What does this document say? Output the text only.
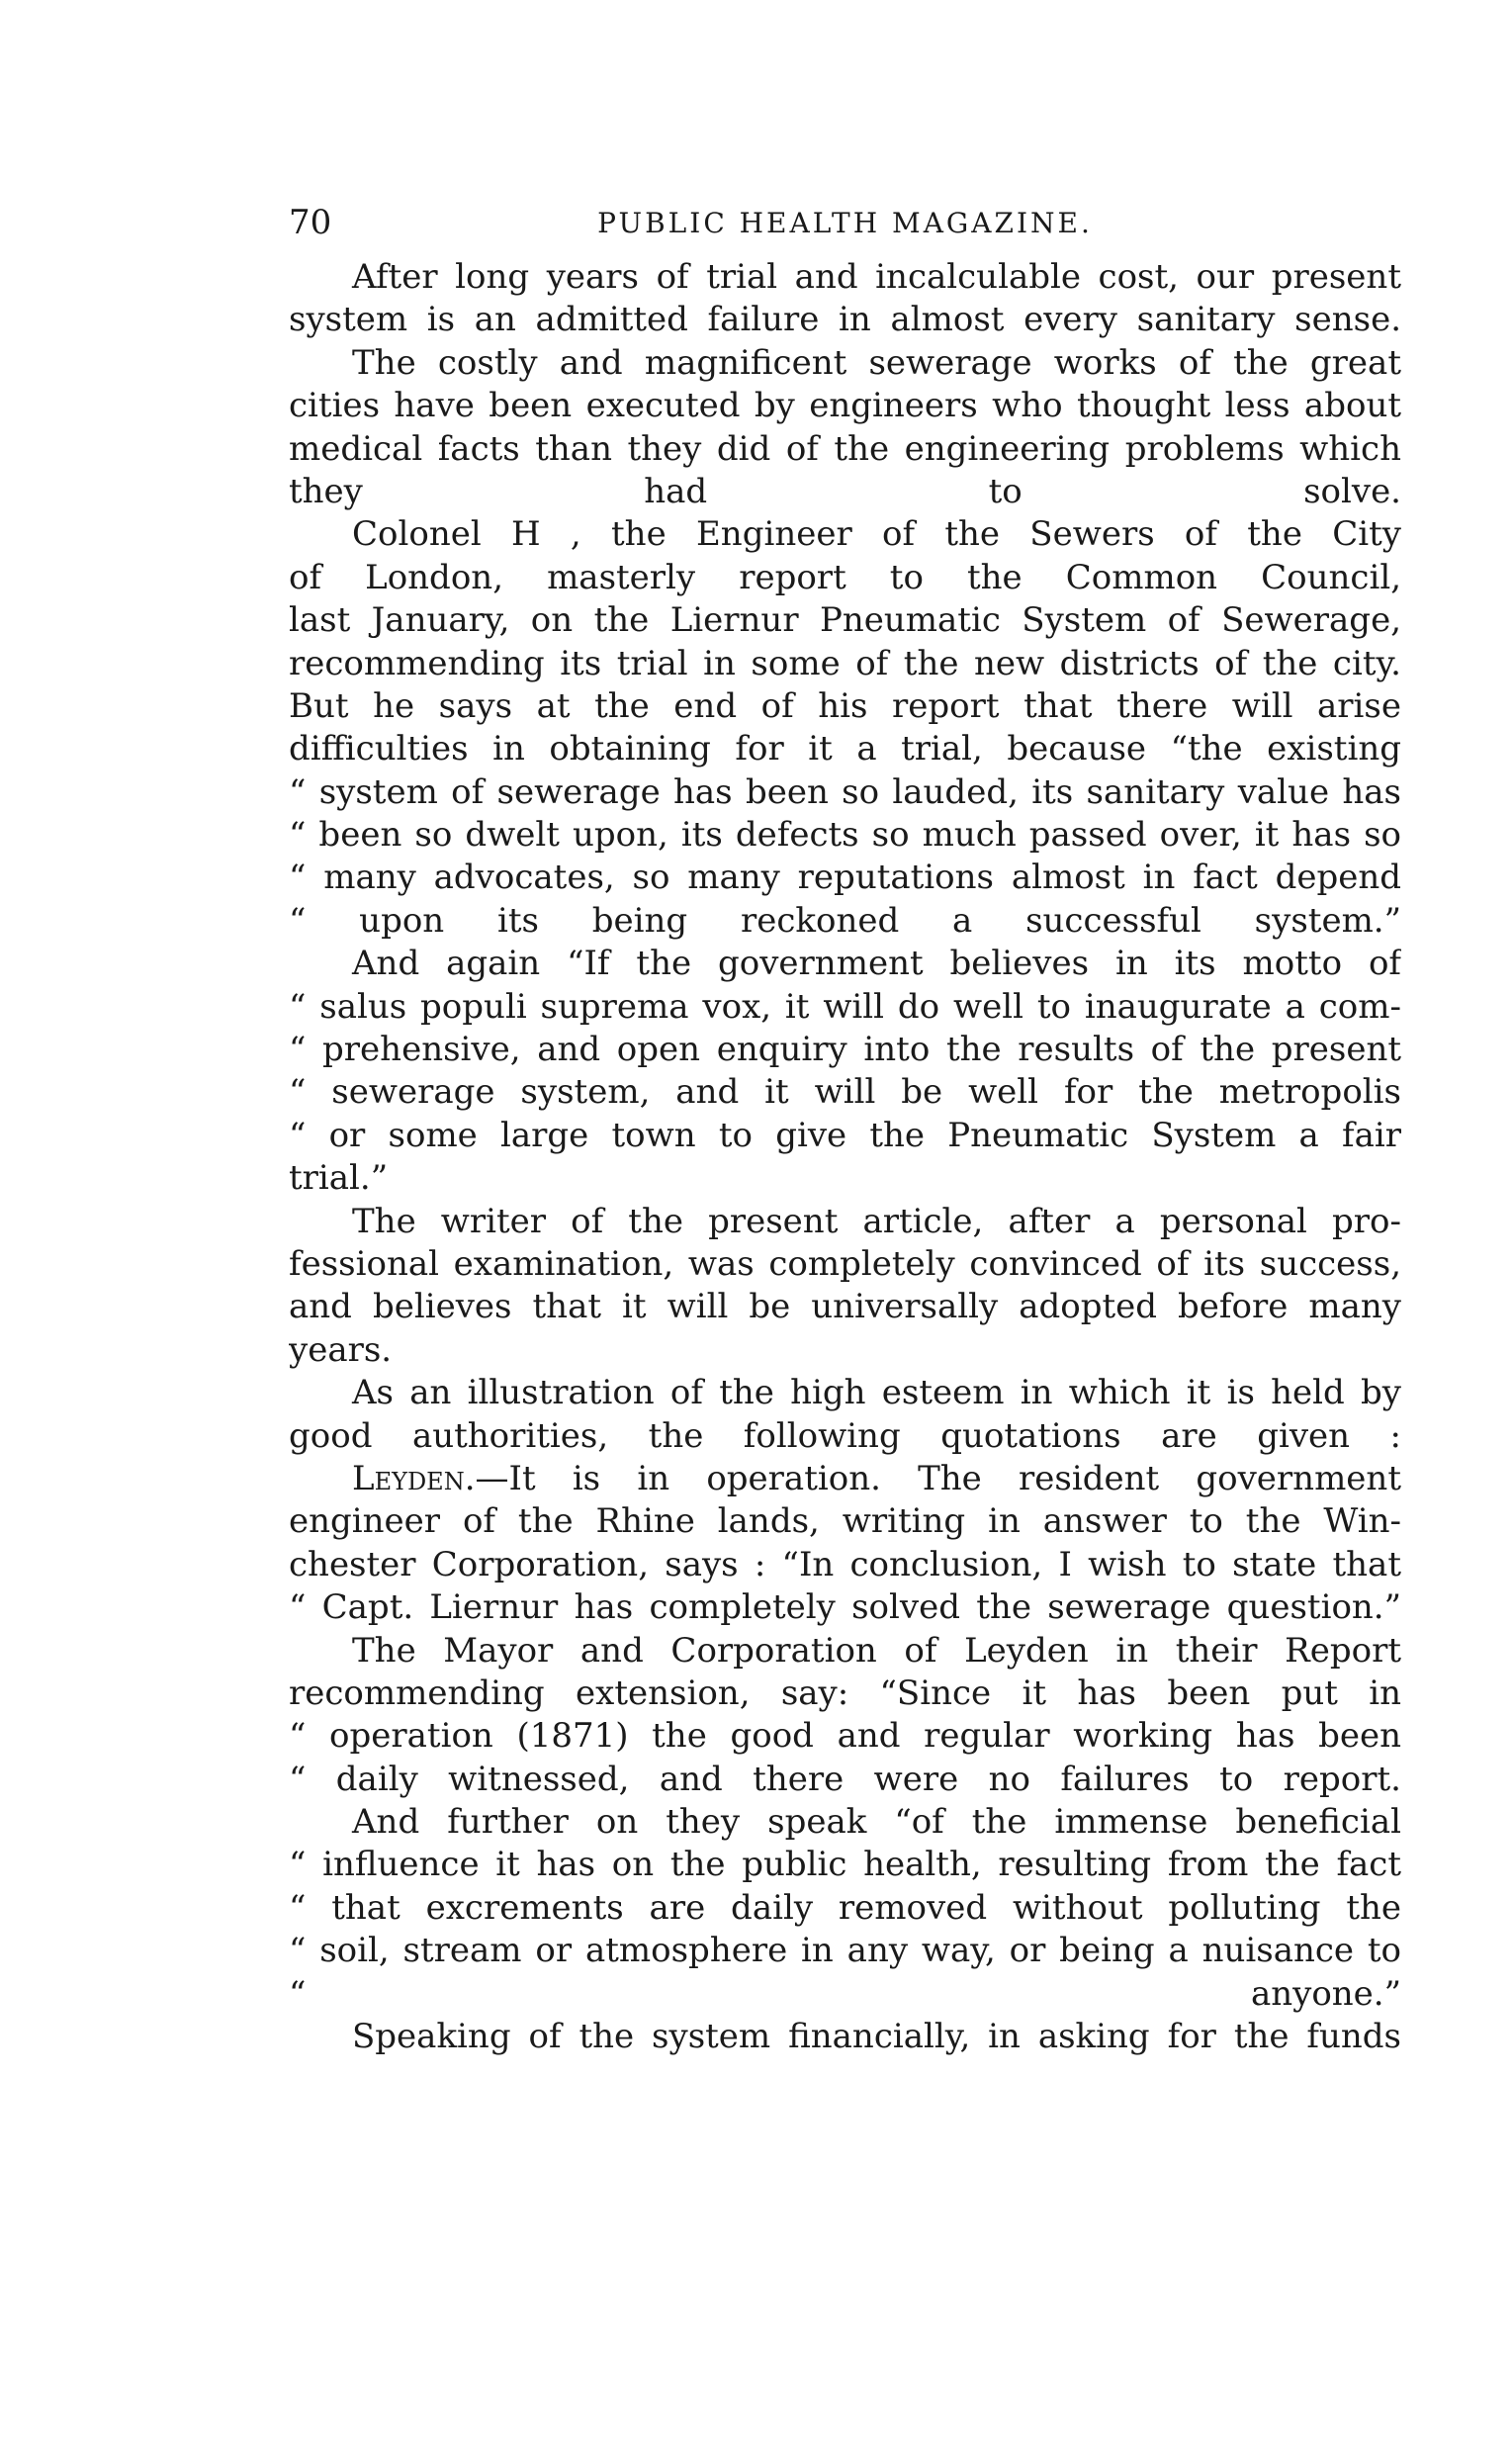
70	PUBLIC HEALTH MAGAZINE.
After long years of trial and incalculable cost, our present
system is an admitted failure in almost every sanitary sense.
The costly and magnificent sewerage works of the great
cities have been executed by engineers who thought less about
medical facts than they did of the engineering problems which
they had to solve.
Colonel H , the Engineer of the Sewers of the City
of London, masterly report to the Common Council,
last January, on the Liernur Pneumatic System of Sewerage,
recommending its trial in some of the new districts of the city.
But he says at the end of his report that there will arise
difficulties in obtaining for it a trial, because “the existing
“ system of sewerage has been so lauded, its sanitary value has
“ been so dwelt upon, its defects so much passed over, it has so
“ many advocates, so many reputations almost in fact depend
“ upon its being reckoned a successful system.”
And again “If the government believes in its motto of
“ salus populi suprema vox, it will do well to inaugurate a com-
“ prehensive, and open enquiry into the results of the present
“ sewerage system, and it will be well for the metropolis
“ or some large town to give the Pneumatic System a fair
trial.”
The writer of the present article, after a personal pro-
fessional examination, was completely convinced of its success,
and believes that it will be universally adopted before many
years.
As an illustration of the high esteem in which it is held by
good authorities, the following quotations are given :
Leyden.—It is in operation. The resident government
engineer of the Rhine lands, writing in answer to the Win-
chester Corporation, says : “In conclusion, I wish to state that
“ Capt. Liernur has completely solved the sewerage question.”
The Mayor and Corporation of Leyden in their Report
recommending extension, say: “Since it has been put in
“ operation (1871) the good and regular working has been
“ daily witnessed, and there were no failures to report.
And further on they speak “of the immense beneficial
“ influence it has on the public health, resulting from the fact
“ that excrements are daily removed without polluting the
“ soil, stream or atmosphere in any way, or being a nuisance to
“ anyone.”
Speaking of the system financially, in asking for the funds
